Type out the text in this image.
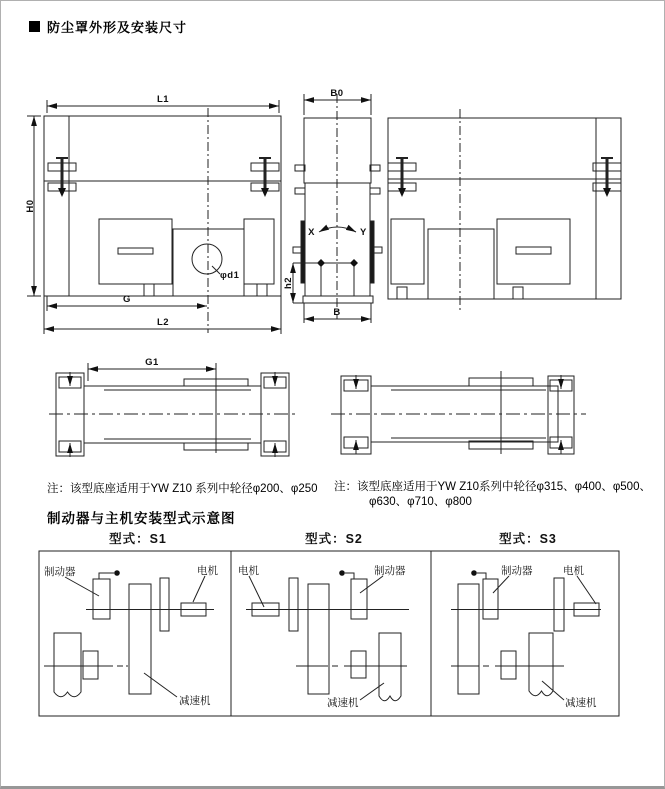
防尘罩外形及安装尺寸
L1
H0
φd1
G
L2
B0
X	Y
h2
B
G1
注：该型底座适用于YW Z10 系列中轮径φ200、φ250 注：该型底座适用于YW Z10系列中轮径φ315、φ400、φ500、
φ630、φ710、φ800
制动器与主机安装型式示意图
型式：S1	型式：S2	型式：S3
制动器	电机
减速机
电机	制动器
减速机
制动器	电机
减速机
